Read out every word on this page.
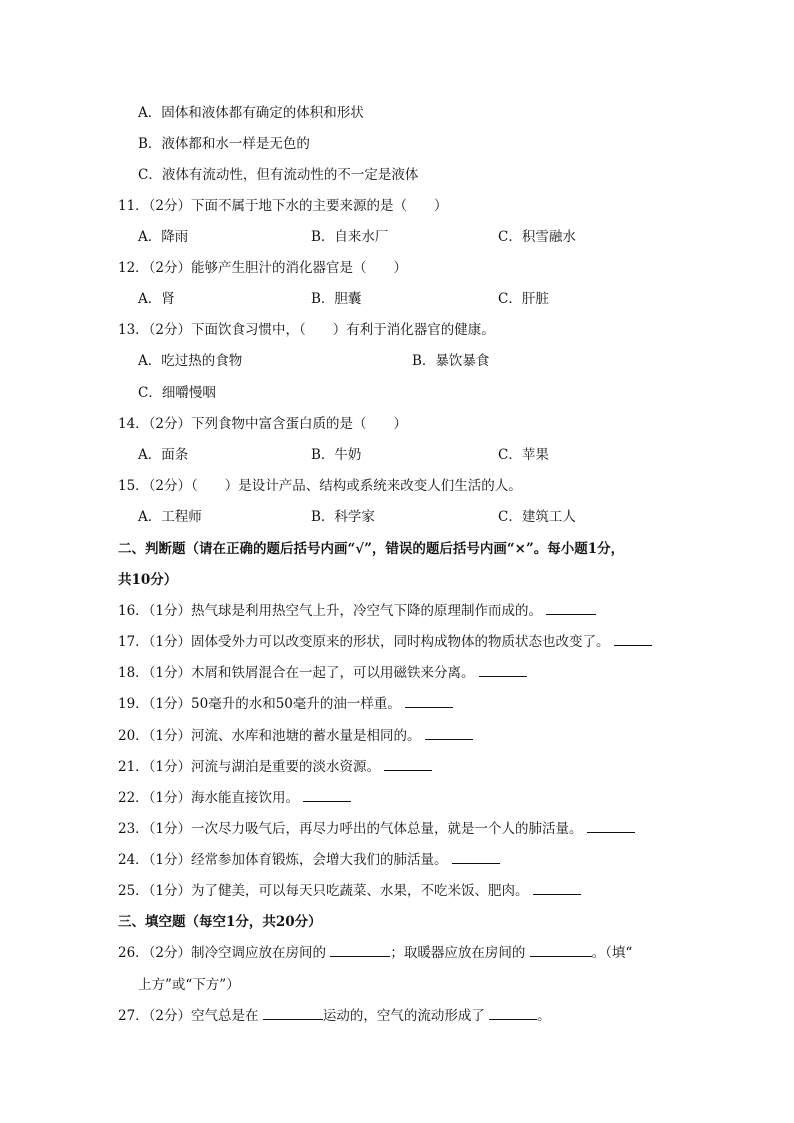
A．固体和液体都有确定的体积和形状
B．液体都和水一样是无色的
C．液体有流动性，但有流动性的不一定是液体
11．（2分）下面不属于地下水的主要来源的是（　　）
A．降雨	B．自来水厂	C．积雪融水
12．（2分）能够产生胆汁的消化器官是（　　）
A．肾	B．胆囊	C．肝脏
13．（2分）下面饮食习惯中，（　　）有利于消化器官的健康。
A．吃过热的食物	B．暴饮暴食
C．细嚼慢咽
14．（2分）下列食物中富含蛋白质的是（　　）
A．面条	B．牛奶	C．苹果
15．（2分）（　　）是设计产品、结构或系统来改变人们生活的人。
A．工程师	B．科学家	C．建筑工人
二、判断题（请在正确的题后括号内画“√”，错误的题后括号内画“×”。每小题1分，
共10分）
16．（1分）热气球是利用热空气上升，冷空气下降的原理制作而成的。
17．（1分）固体受外力可以改变原来的形状，同时构成物体的物质状态也改变了。
18．（1分）木屑和铁屑混合在一起了，可以用磁铁来分离。
19．（1分）50毫升的水和50毫升的油一样重。
20．（1分）河流、水库和池塘的蓄水量是相同的。
21．（1分）河流与湖泊是重要的淡水资源。
22．（1分）海水能直接饮用。
23．（1分）一次尽力吸气后，再尽力呼出的气体总量，就是一个人的肺活量。
24．（1分）经常参加体育锻炼，会增大我们的肺活量。
25．（1分）为了健美，可以每天只吃蔬菜、水果，不吃米饭、肥肉。
三、填空题（每空1分，共20分）
26．（2分）制冷空调应放在房间的	；取暖器应放在房间的	。（填“
上方”或“下方”）
27．（2分）空气总是在	运动的，空气的流动形成了	。
